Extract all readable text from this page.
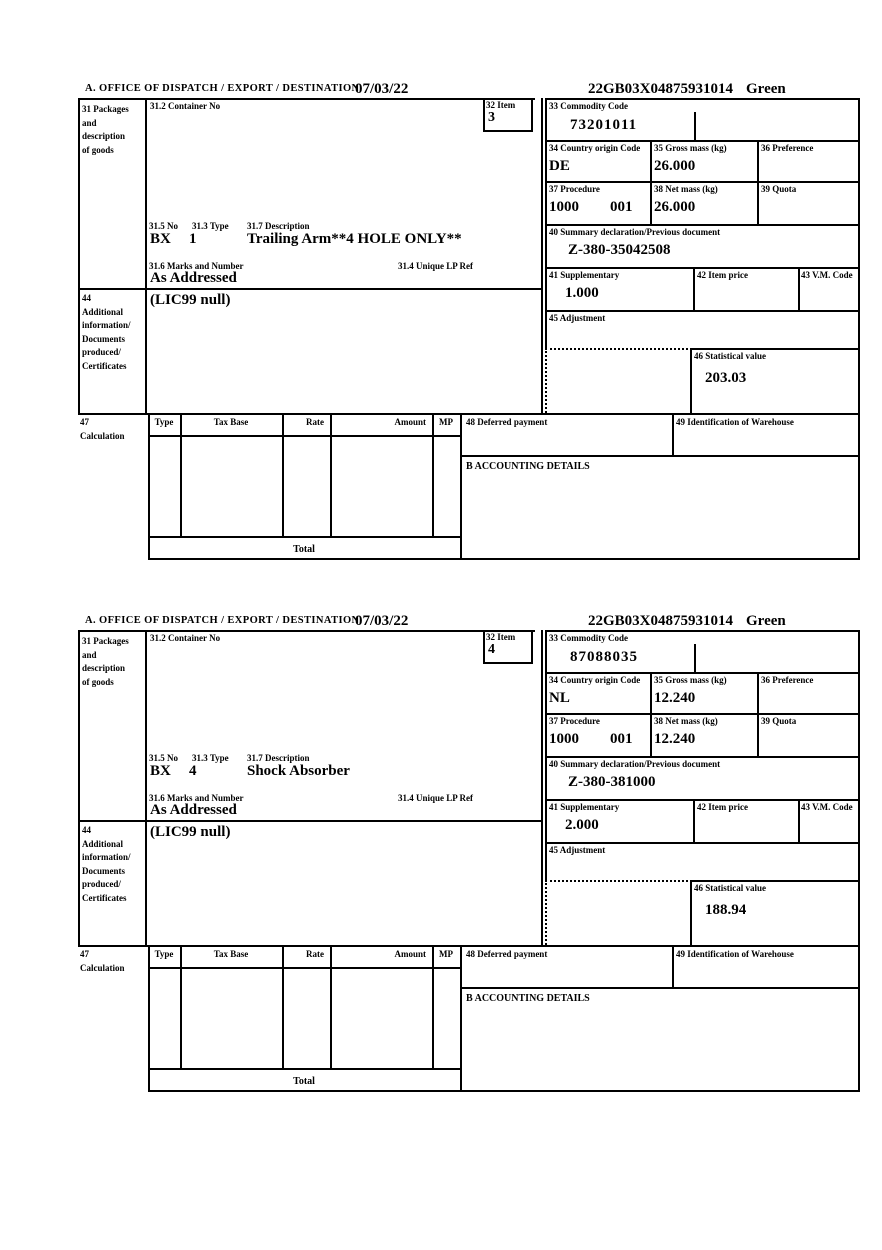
A. OFFICE OF DISPATCH / EXPORT / DESTINATION
07/03/22	22GB03X04875931014 Green
31 Packages
and
description
of goods
31.2 Container No	32 Item
3
33 Commodity Code
73201011
34 Country origin Code
DE
35 Gross mass (kg)
26.000
36 Preference
37 Procedure
1000 001
38 Net mass (kg)
26.000
39 Quota
31.5 No 31.3 Type 31.7 Description
BX 1	Trailing Arm**4 HOLE ONLY**
31.6 Marks and Number	31.4 Unique LP Ref
As Addressed
40 Summary declaration/Previous document
Z-380-35042508
41 Supplementary
1.000
42 Item price	43 V.M. Code
44
Additional
information/
Documents
produced/
Certificates
(LIC99 null)
45 Adjustment
46 Statistical value
203.03
47
Calculation
Type	Tax Base	Rate	Amount	MP
Total
48 Deferred payment	49 Identification of Warehouse
B ACCOUNTING DETAILS
A. OFFICE OF DISPATCH / EXPORT / DESTINATION
07/03/22	22GB03X04875931014 Green
31 Packages
and
description
of goods
31.2 Container No	32 Item
4
33 Commodity Code
87088035
34 Country origin Code
NL
35 Gross mass (kg)
12.240
36 Preference
37 Procedure
1000 001
38 Net mass (kg)
12.240
39 Quota
31.5 No 31.3 Type 31.7 Description
BX 4	Shock Absorber
31.6 Marks and Number	31.4 Unique LP Ref
As Addressed
40 Summary declaration/Previous document
Z-380-381000
41 Supplementary
2.000
42 Item price	43 V.M. Code
44
Additional
information/
Documents
produced/
Certificates
(LIC99 null)
45 Adjustment
46 Statistical value
188.94
47
Calculation
Type	Tax Base	Rate	Amount	MP
Total
48 Deferred payment	49 Identification of Warehouse
B ACCOUNTING DETAILS
